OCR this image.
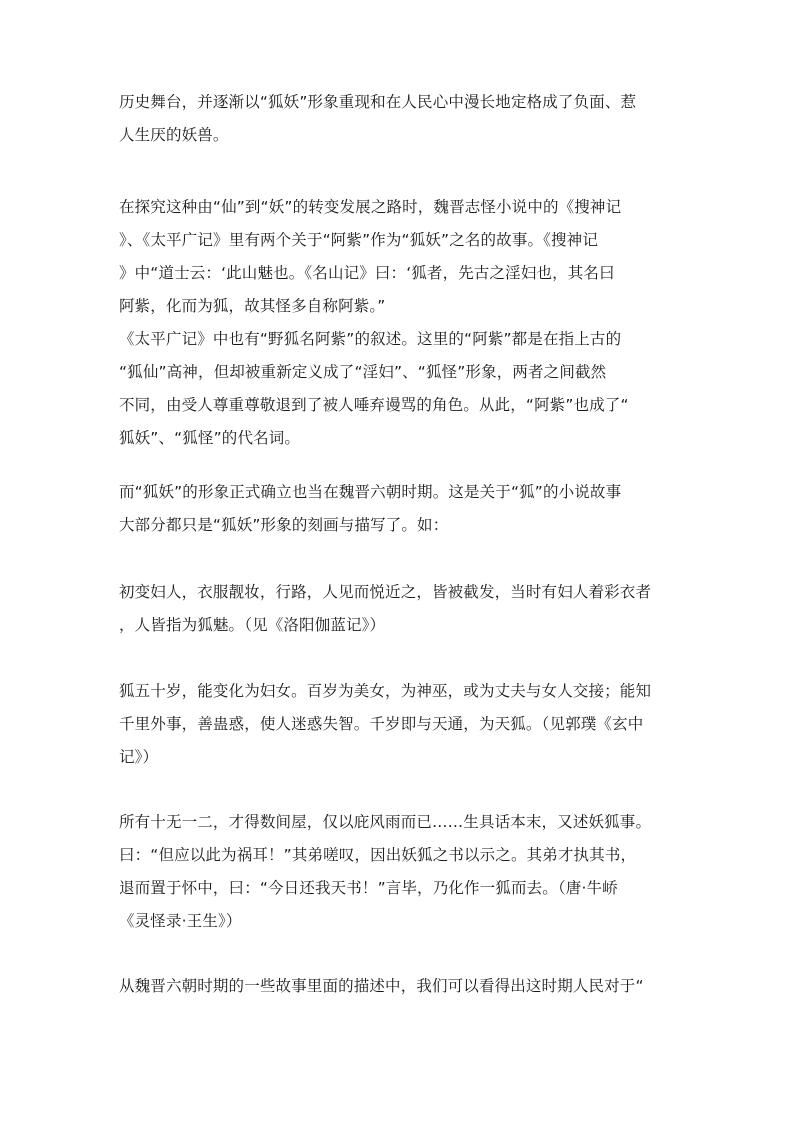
历史舞台，并逐渐以“狐妖”形象重现和在人民心中漫长地定格成了负面、惹
人生厌的妖兽。
在探究这种由“仙”到“妖”的转变发展之路时，魏晋志怪小说中的《搜神记
》、《太平广记》里有两个关于“阿紫”作为“狐妖”之名的故事。《搜神记
》中“道士云：‘此山魅也。《名山记》曰：‘狐者，先古之淫妇也，其名曰
阿紫，化而为狐，故其怪多自称阿紫。”
《太平广记》中也有“野狐名阿紫”的叙述。这里的“阿紫”都是在指上古的
“狐仙”高神，但却被重新定义成了“淫妇”、“狐怪”形象，两者之间截然
不同，由受人尊重尊敬退到了被人唾弃谩骂的角色。从此，“阿紫”也成了“
狐妖”、“狐怪”的代名词。
而“狐妖”的形象正式确立也当在魏晋六朝时期。这是关于“狐”的小说故事
大部分都只是“狐妖”形象的刻画与描写了。如：
初变妇人，衣服靓妆，行路，人见而悦近之，皆被截发，当时有妇人着彩衣者
，人皆指为狐魅。（见《洛阳伽蓝记》）
狐五十岁，能变化为妇女。百岁为美女，为神巫，或为丈夫与女人交接；能知
千里外事，善蛊惑，使人迷惑失智。千岁即与天通，为天狐。（见郭璞《玄中
记》）
所有十无一二，才得数间屋，仅以庇风雨而已……生具话本末，又述妖狐事。
曰：“但应以此为祸耳！”其弟嗟叹，因出妖狐之书以示之。其弟才执其书，
退而置于怀中，曰：“今日还我天书！”言毕，乃化作一狐而去。（唐·牛峤
《灵怪录·王生》）
从魏晋六朝时期的一些故事里面的描述中，我们可以看得出这时期人民对于“
